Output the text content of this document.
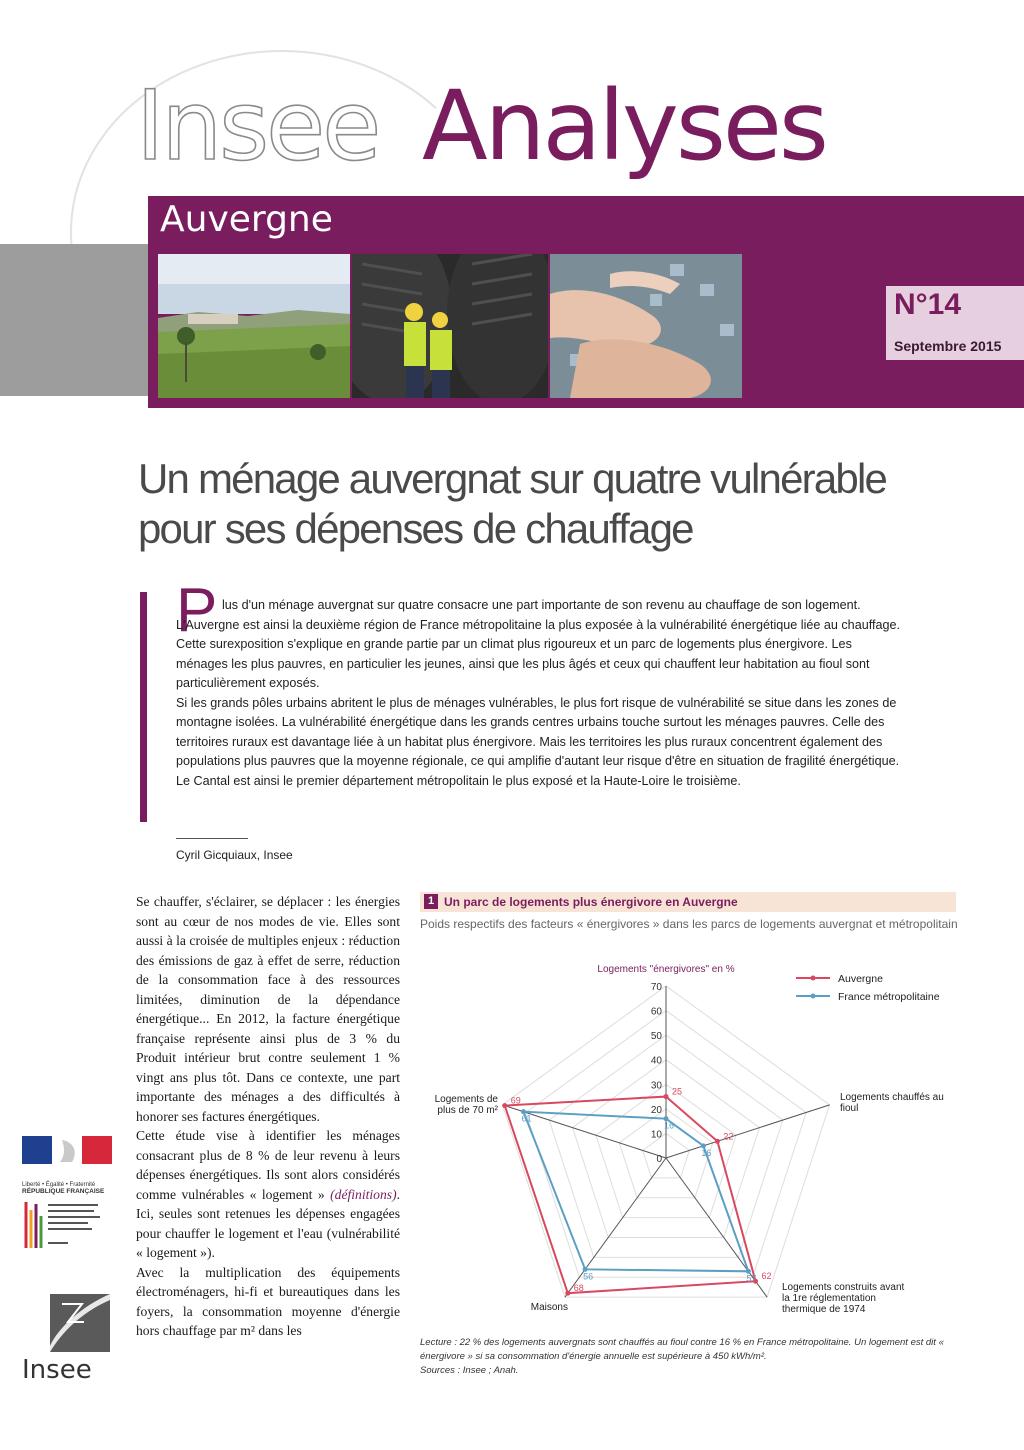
Insee Analyses
Auvergne
N°14
Septembre 2015
Un ménage auvergnat sur quatre vulnérable pour ses dépenses de chauffage
P lus d'un ménage auvergnat sur quatre consacre une part importante de son revenu au chauffage de son logement. L'Auvergne est ainsi la deuxième région de France métropolitaine la plus exposée à la vulnérabilité énergétique liée au chauffage. Cette surexposition s'explique en grande partie par un climat plus rigoureux et un parc de logements plus énergivore. Les ménages les plus pauvres, en particulier les jeunes, ainsi que les plus âgés et ceux qui chauffent leur habitation au fioul sont particulièrement exposés.

Si les grands pôles urbains abritent le plus de ménages vulnérables, le plus fort risque de vulnérabilité se situe dans les zones de montagne isolées. La vulnérabilité énergétique dans les grands centres urbains touche surtout les ménages pauvres. Celle des territoires ruraux est davantage liée à un habitat plus énergivore. Mais les territoires les plus ruraux concentrent également des populations plus pauvres que la moyenne régionale, ce qui amplifie d'autant leur risque d'être en situation de fragilité énergétique.

Le Cantal est ainsi le premier département métropolitain le plus exposé et la Haute-Loire le troisième.

Cyril Gicquiaux, Insee

Se chauffer, s'éclairer, se déplacer : les énergies sont au cœur de nos modes de vie. Elles sont aussi à la croisée de multiples enjeux : réduction des émissions de gaz à effet de serre, réduction de la consommation face à des ressources limitées, diminution de la dépendance énergétique... En 2012, la facture énergétique française représente ainsi plus de 3 % du Produit intérieur brut contre seulement 1 % vingt ans plus tôt. Dans ce contexte, une part importante des ménages a des difficultés à honorer ses factures énergétiques.

Cette étude vise à identifier les ménages consacrant plus de 8 % de leur revenu à leurs dépenses énergétiques. Ils sont alors considérés comme vulnérables « logement » (définitions). Ici, seules sont retenues les dépenses engagées pour chauffer le logement et l'eau (vulnérabilité « logement »).

Avec la multiplication des équipements électroménagers, hi-fi et bureautiques dans les foyers, la consommation moyenne d'énergie hors chauffage par m² dans les

Liberté • Égalité • Fraternité
RÉPUBLIQUE FRANÇAISE
Insee
1 Un parc de logements plus énergivore en Auvergne
Poids respectifs des facteurs « énergivores » dans les parcs de logements auvergnat et métropolitain
0
10
20
30
40
50
60
70
Logements "énergivores" en %
Logements chauffés au fioul
Logements construits avant la 1re réglementation thermique de 1974
Maisons
Logements de plus de 70 m²
25
22
62
68
69
16
16
57
56
61
Auvergne
France métropolitaine

Lecture : 22 % des logements auvergnats sont chauffés au fioul contre 16 % en France métropolitaine. Un logement est dit « énergivore » si sa consommation d'énergie annuelle est supérieure à 450 kWh/m².

Sources : Insee ; Anah.
